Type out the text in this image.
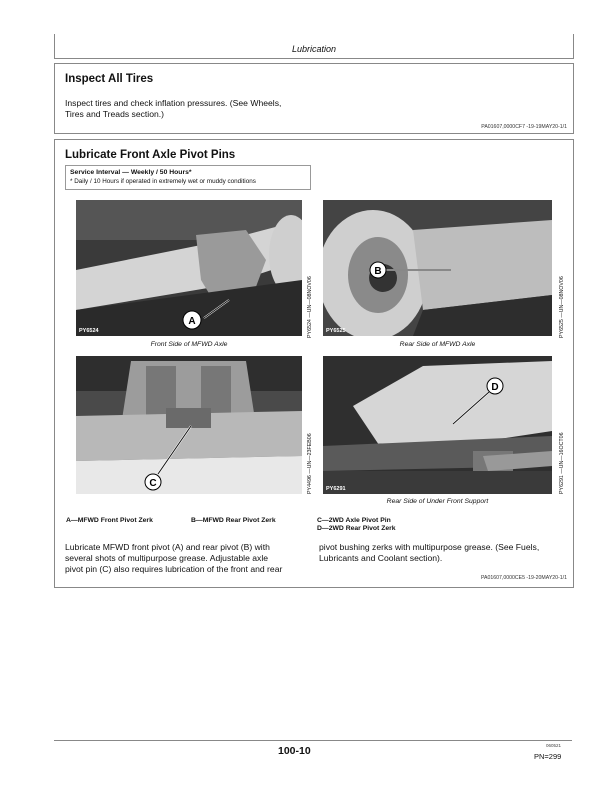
Lubrication
Inspect All Tires
Inspect tires and check inflation pressures. (See Wheels,
Tires and Treads section.)
PA01607,0000CF7 -19-19MAY20-1/1
Lubricate Front Axle Pivot Pins
Service Interval — Weekly / 50 Hours*
* Daily / 10 Hours if operated in extremely wet or muddy conditions
A
PY6524	PY6524 —UN—08NOV06
Front Side of MFWD Axle
B
PY6525	PY6525 —UN—08NOV06
Rear Side of MFWD Axle
C	PY4496 —UN—23FEB06
D
PY6291	PY6291 —UN—16OCT06
Rear Side of Under Front Support
A—MFWD Front Pivot Zerk	B—MFWD Rear Pivot Zerk	C—2WD Axle Pivot Pin
D—2WD Rear Pivot Zerk
Lubricate MFWD front pivot (A) and rear pivot (B) with
several shots of multipurpose grease. Adjustable axle
pivot pin (C) also requires lubrication of the front and rear
pivot bushing zerks with multipurpose grease. (See Fuels,
Lubricants and Coolant section).
PA01607,0000CE5 -19-20MAY20-1/1
100-10	060521
PN=299
